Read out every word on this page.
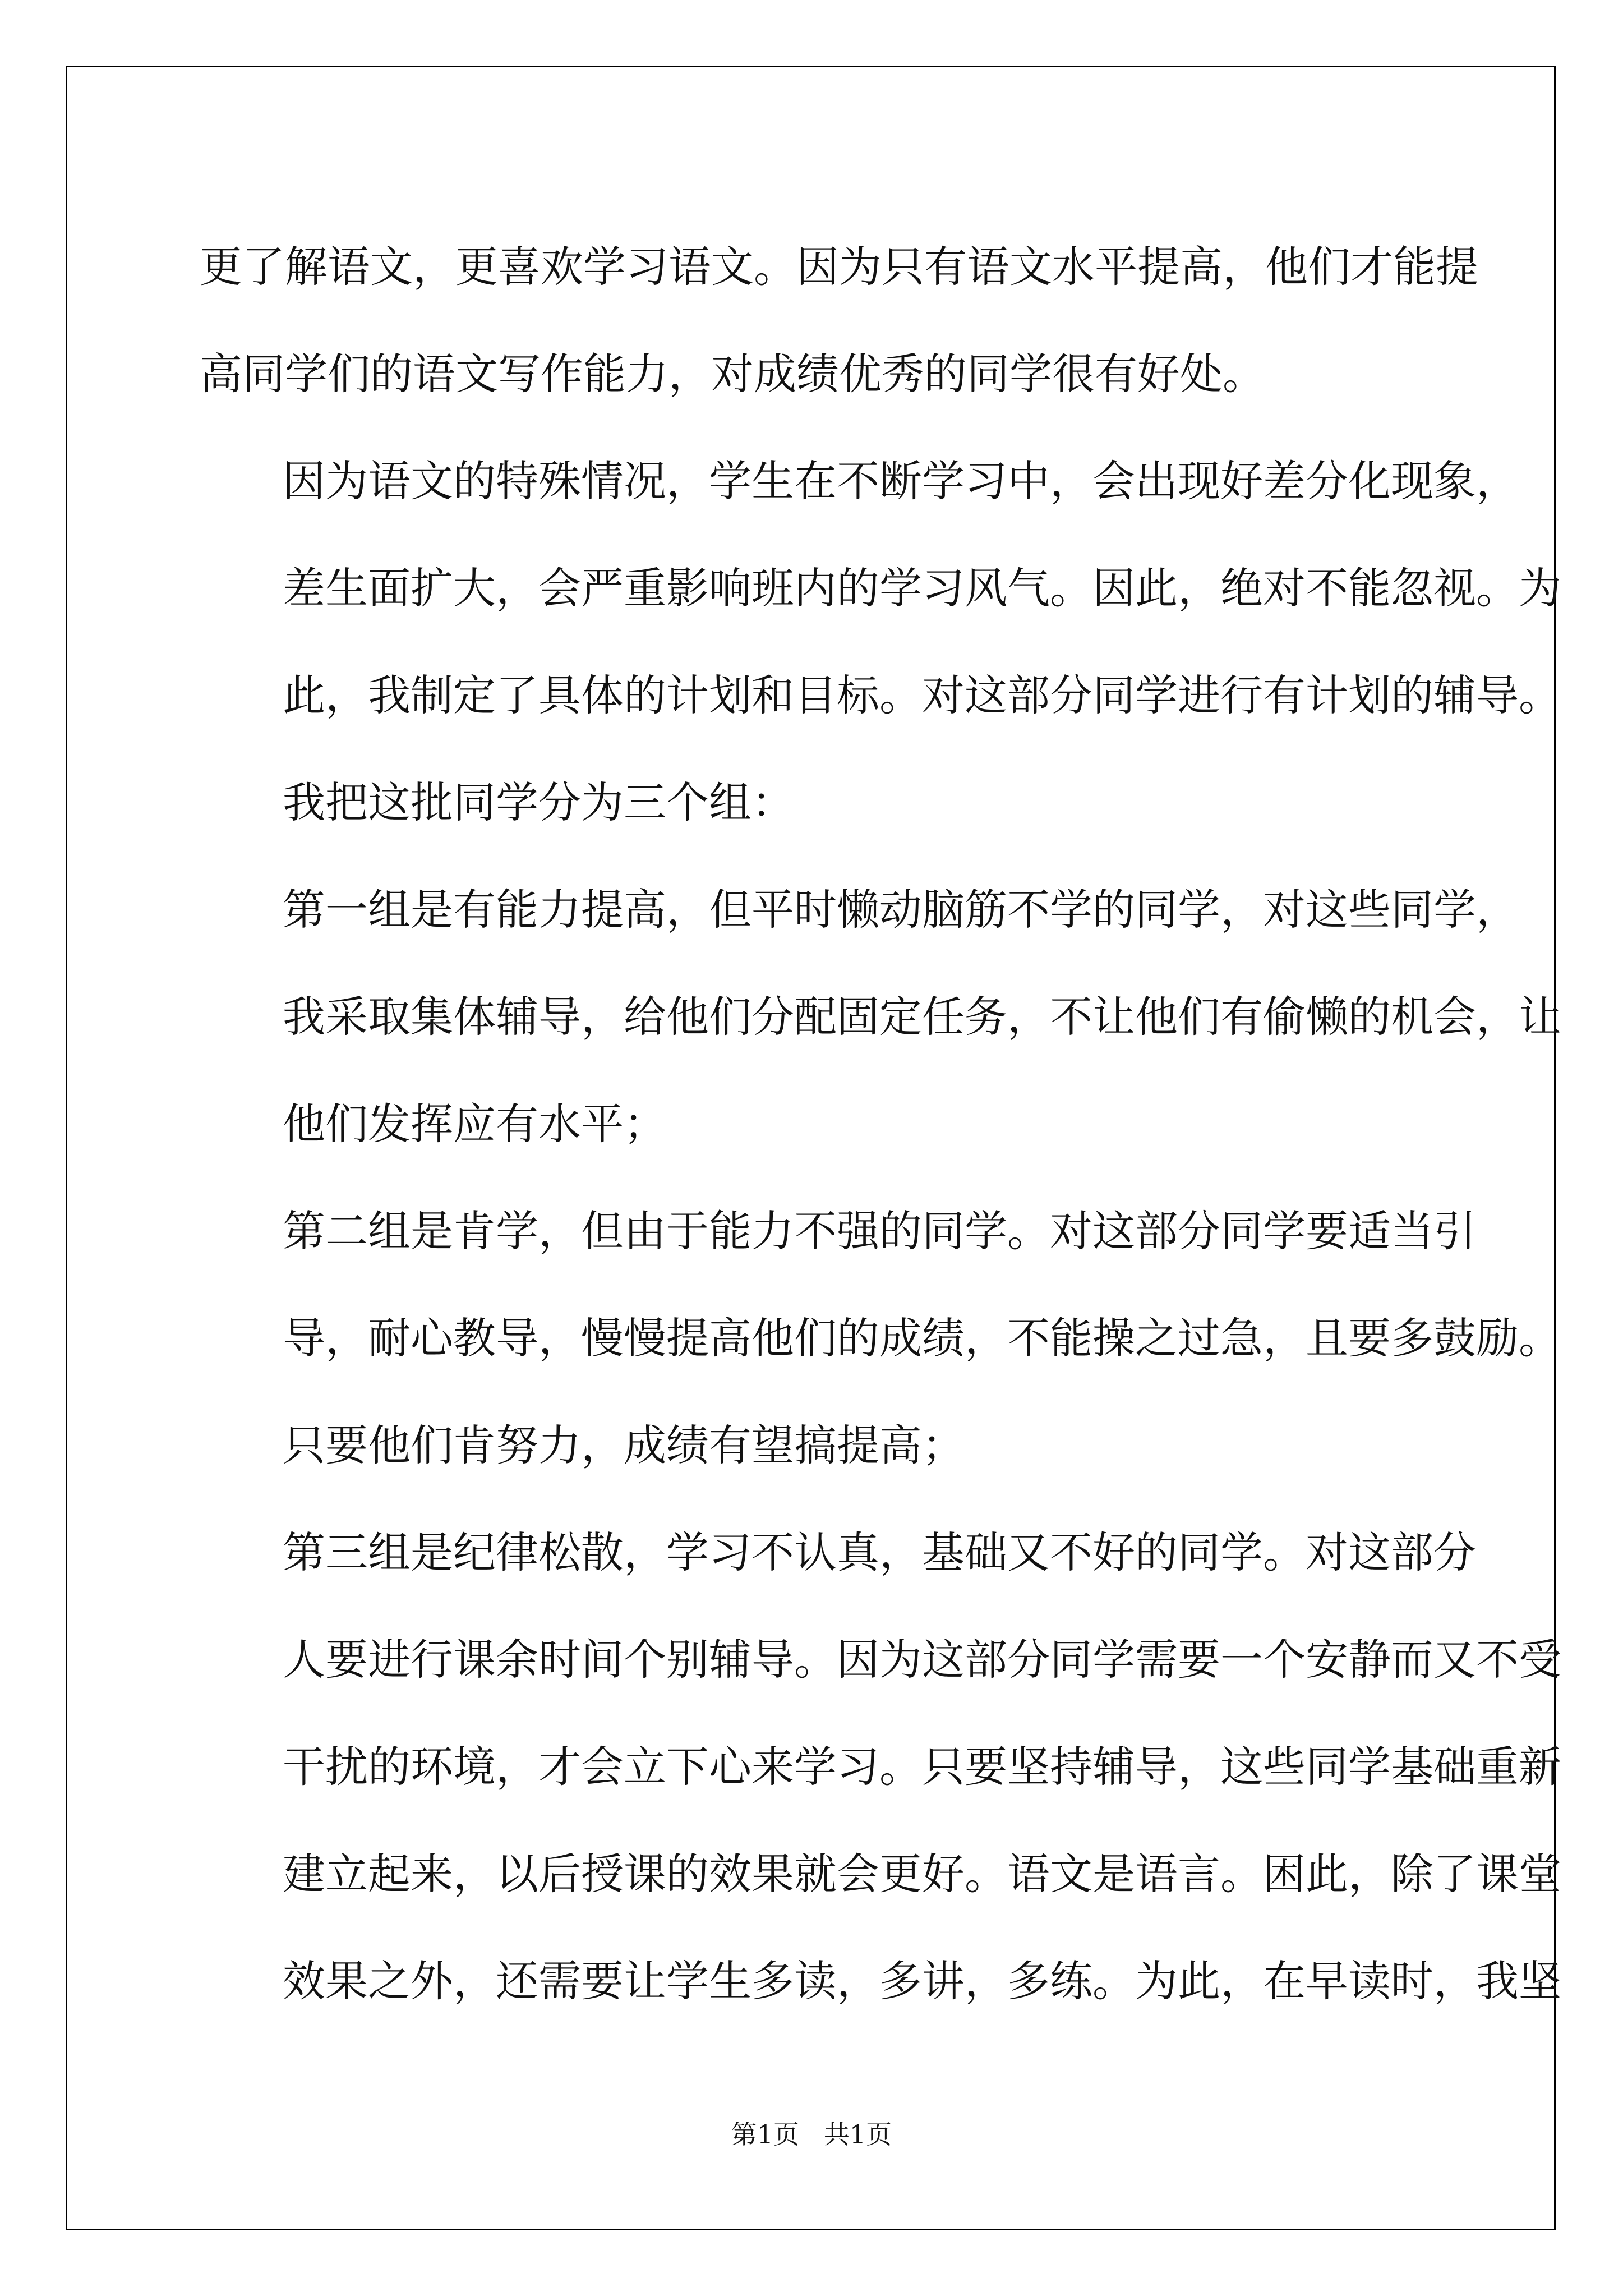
更了解语文，更喜欢学习语文。因为只有语文水平提高，他们才能提
高同学们的语文写作能力，对成绩优秀的同学很有好处。

因为语文的特殊情况，学生在不断学习中，会出现好差分化现象，
差生面扩大，会严重影响班内的学习风气。因此，绝对不能忽视。为
此，我制定了具体的计划和目标。对这部分同学进行有计划的辅导。

我把这批同学分为三个组：

第一组是有能力提高，但平时懒动脑筋不学的同学，对这些同学，
我采取集体辅导，给他们分配固定任务，不让他们有偷懒的机会，让
他们发挥应有水平；

第二组是肯学，但由于能力不强的同学。对这部分同学要适当引
导，耐心教导，慢慢提高他们的成绩，不能操之过急，且要多鼓励。
只要他们肯努力，成绩有望搞提高；

第三组是纪律松散，学习不认真，基础又不好的同学。对这部分
人要进行课余时间个别辅导。因为这部分同学需要一个安静而又不受
干扰的环境，才会立下心来学习。只要坚持辅导，这些同学基础重新
建立起来，以后授课的效果就会更好。语文是语言。困此，除了课堂
效果之外，还需要让学生多读，多讲，多练。为此，在早读时，我坚

第1页   共1页
